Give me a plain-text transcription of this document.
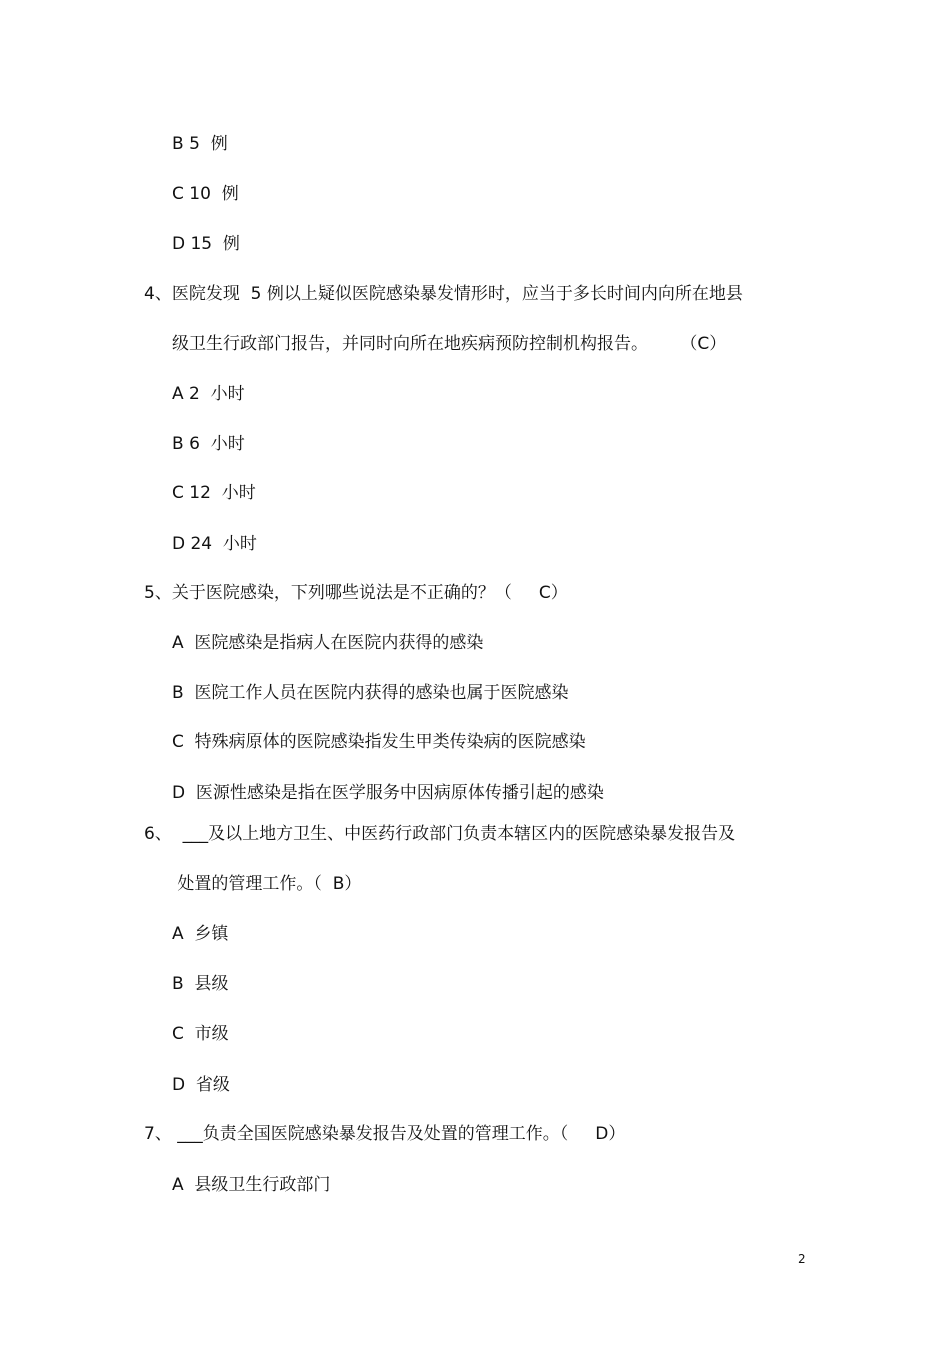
B 5  例
C 10  例
D 15  例
4、医院发现  5 例以上疑似医院感染暴发情形时，应当于多长时间内向所在地县
级卫生行政部门报告，并同时向所在地疾病预防控制机构报告。      （C）
A 2  小时
B 6  小时
C 12  小时
D 24  小时
5、关于医院感染，下列哪些说法是不正确的？（     C）
A  医院感染是指病人在医院内获得的感染
B  医院工作人员在医院内获得的感染也属于医院感染
C  特殊病原体的医院感染指发生甲类传染病的医院感染
D  医源性感染是指在医学服务中因病原体传播引起的感染
6、  ___及以上地方卫生、中医药行政部门负责本辖区内的医院感染暴发报告及
处置的管理工作。（  B）
A  乡镇
B  县级
C  市级
D  省级
7、 ___负责全国医院感染暴发报告及处置的管理工作。（     D）
A  县级卫生行政部门
2
